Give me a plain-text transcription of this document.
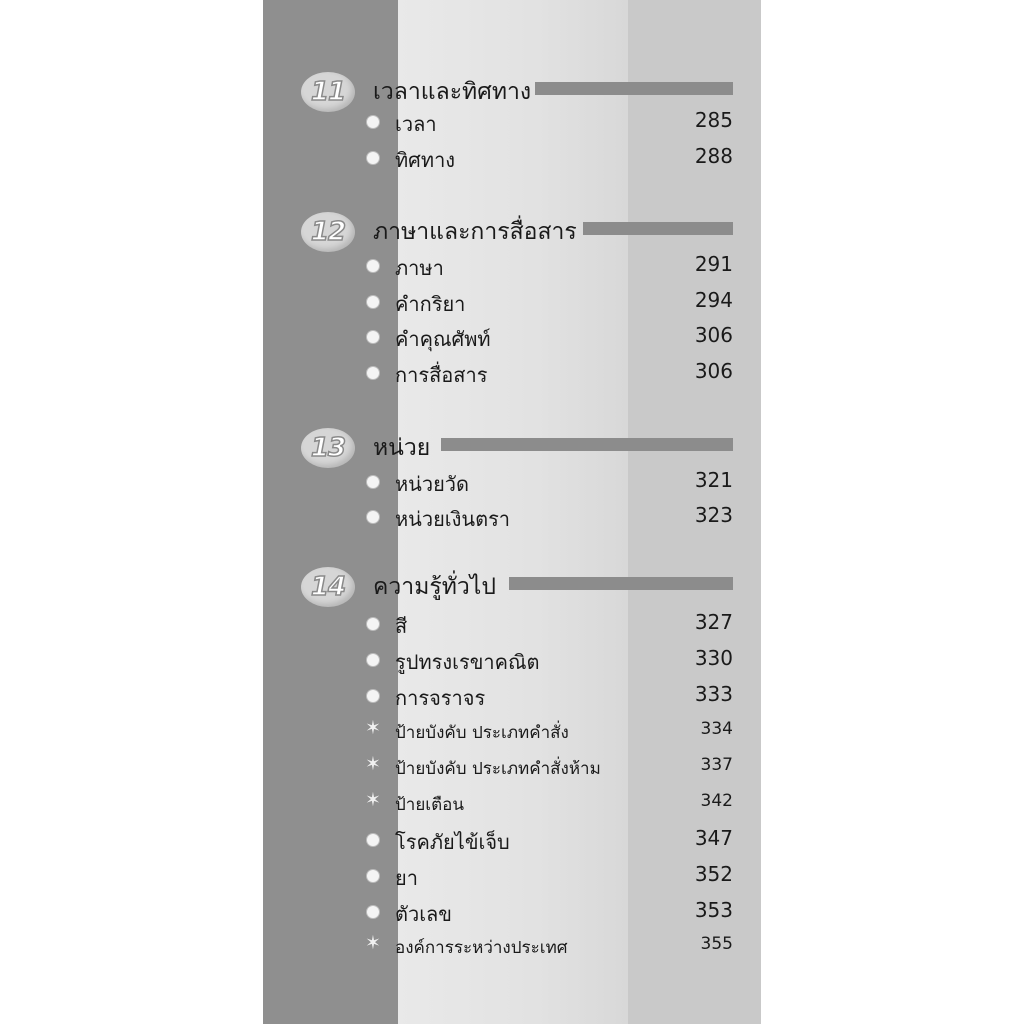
11 เวลาและทิศทาง
เวลา	285
ทิศทาง	288
12 ภาษาและการสื่อสาร
ภาษา	291
คำกริยา	294
คำคุณศัพท์	306
การสื่อสาร	306
13 หน่วย
หน่วยวัด	321
หน่วยเงินตรา	323
14 ความรู้ทั่วไป
สี	327
รูปทรงเรขาคณิต	330
การจราจร	333
✶ ป้ายบังคับ ประเภทคำสั่ง	334
✶ ป้ายบังคับ ประเภทคำสั่งห้าม	337
✶ ป้ายเตือน	342
โรคภัยไข้เจ็บ	347
ยา	352
ตัวเลข	353
✶ องค์การระหว่างประเทศ	355
